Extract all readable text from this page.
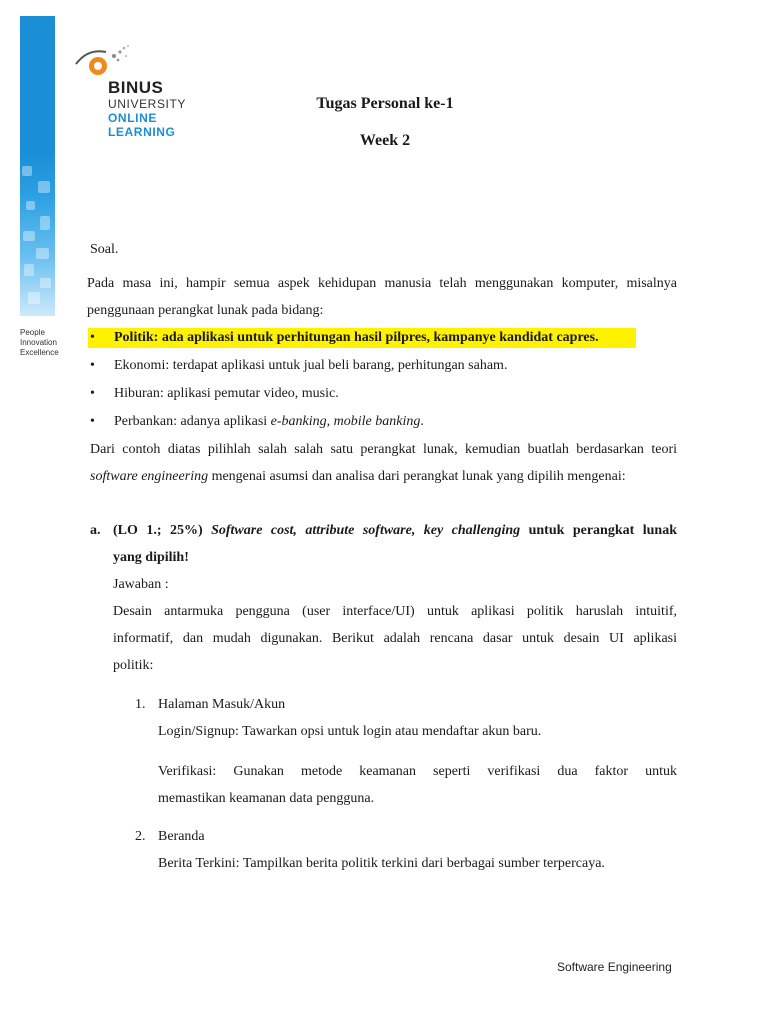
BINUS
UNIVERSITY
ONLINE
LEARNING
People
Innovation
Excellence
Tugas Personal ke-1
Week 2
Soal.
Pada masa ini, hampir semua aspek kehidupan manusia telah menggunakan komputer, misalnya
penggunaan perangkat lunak pada bidang:
•	Politik: ada aplikasi untuk perhitungan hasil pilpres, kampanye kandidat capres.
•	Ekonomi: terdapat aplikasi untuk jual beli barang, perhitungan saham.
•	Hiburan: aplikasi pemutar video, music.
•	Perbankan: adanya aplikasi e-banking, mobile banking.
Dari contoh diatas pilihlah salah salah satu perangkat lunak, kemudian buatlah berdasarkan teori
software engineering mengenai asumsi dan analisa dari perangkat lunak yang dipilih mengenai:
a. (LO 1.; 25%) Software cost, attribute software, key challenging untuk perangkat lunak
yang dipilih!
Jawaban :
Desain antarmuka pengguna (user interface/UI) untuk aplikasi politik haruslah intuitif,
informatif, dan mudah digunakan. Berikut adalah rencana dasar untuk desain UI aplikasi
politik:
1. Halaman Masuk/Akun
Login/Signup: Tawarkan opsi untuk login atau mendaftar akun baru.
Verifikasi: Gunakan metode keamanan seperti verifikasi dua faktor untuk
memastikan keamanan data pengguna.
2. Beranda
Berita Terkini: Tampilkan berita politik terkini dari berbagai sumber terpercaya.
Software Engineering
